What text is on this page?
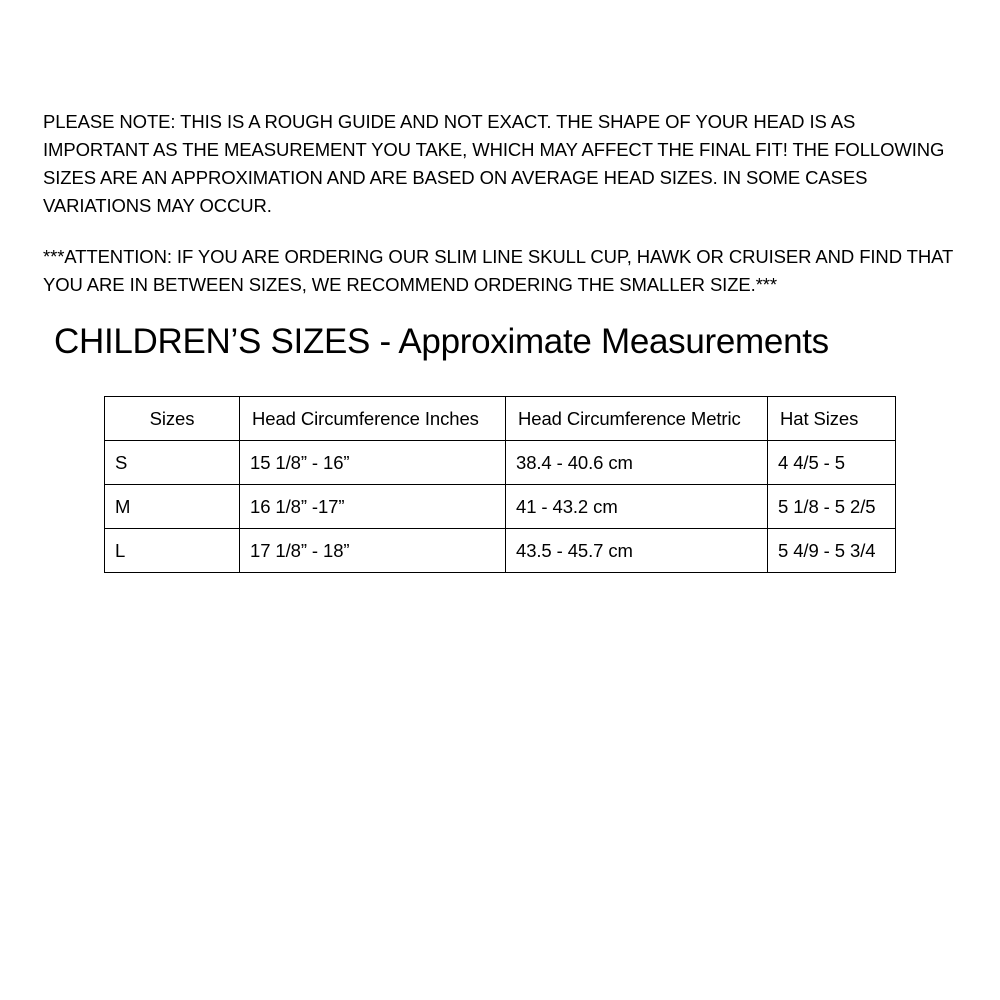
PLEASE NOTE: THIS IS A ROUGH GUIDE AND NOT EXACT. THE SHAPE OF YOUR HEAD IS AS IMPORTANT AS THE MEASUREMENT YOU TAKE, WHICH MAY AFFECT THE FINAL FIT! THE FOLLOWING SIZES ARE AN APPROXIMATION AND ARE BASED ON AVERAGE HEAD SIZES. IN SOME CASES VARIATIONS MAY OCCUR.

***ATTENTION: IF YOU ARE ORDERING OUR SLIM LINE SKULL CUP, HAWK OR CRUISER AND FIND THAT YOU ARE IN BETWEEN SIZES, WE RECOMMEND ORDERING THE SMALLER SIZE.***

CHILDREN’S SIZES - Approximate Measurements
Sizes	Head Circumference Inches	Head Circumference Metric	Hat Sizes
S	15 1/8” - 16”	38.4 - 40.6 cm	4 4/5 - 5
M	16 1/8” -17”	41 - 43.2 cm	5 1/8 - 5 2/5
L	17 1/8” - 18”	43.5 - 45.7 cm	5 4/9 - 5 3/4
